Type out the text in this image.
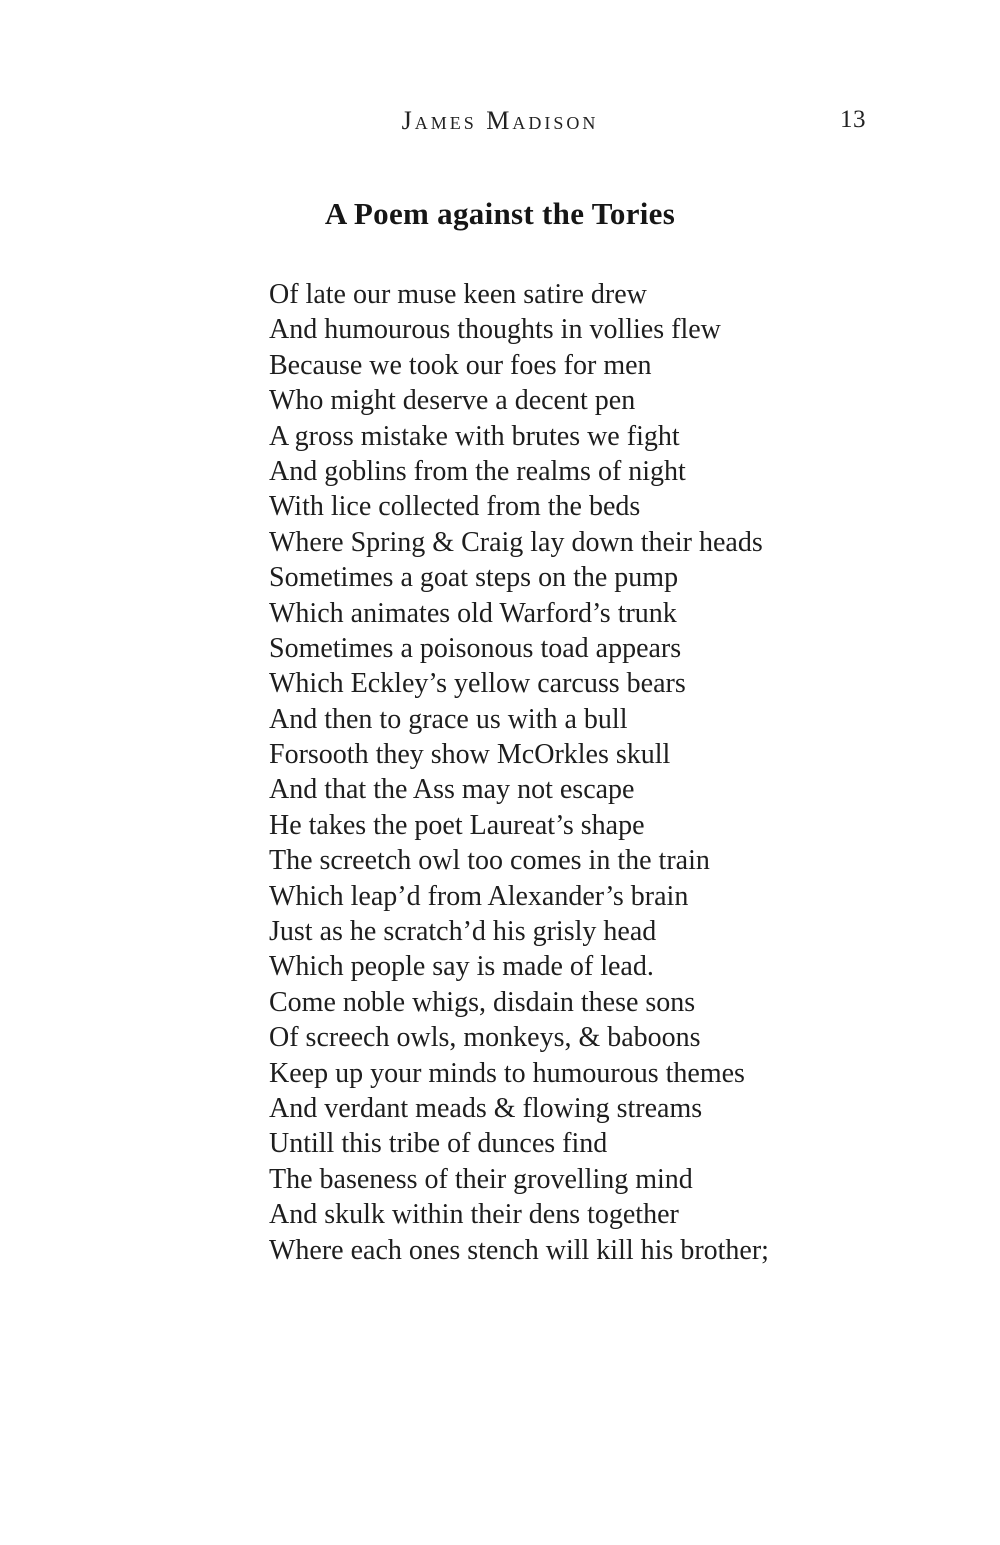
James Madison	13
A Poem against the Tories
Of late our muse keen satire drew
And humourous thoughts in vollies flew
Because we took our foes for men
Who might deserve a decent pen
A gross mistake with brutes we fight
And goblins from the realms of night
With lice collected from the beds
Where Spring & Craig lay down their heads
Sometimes a goat steps on the pump
Which animates old Warford’s trunk
Sometimes a poisonous toad appears
Which Eckley’s yellow carcuss bears
And then to grace us with a bull
Forsooth they show McOrkles skull
And that the Ass may not escape
He takes the poet Laureat’s shape
The screetch owl too comes in the train
Which leap’d from Alexander’s brain
Just as he scratch’d his grisly head
Which people say is made of lead.
Come noble whigs, disdain these sons
Of screech owls, monkeys, & baboons
Keep up your minds to humourous themes
And verdant meads & flowing streams
Untill this tribe of dunces find
The baseness of their grovelling mind
And skulk within their dens together
Where each ones stench will kill his brother;
